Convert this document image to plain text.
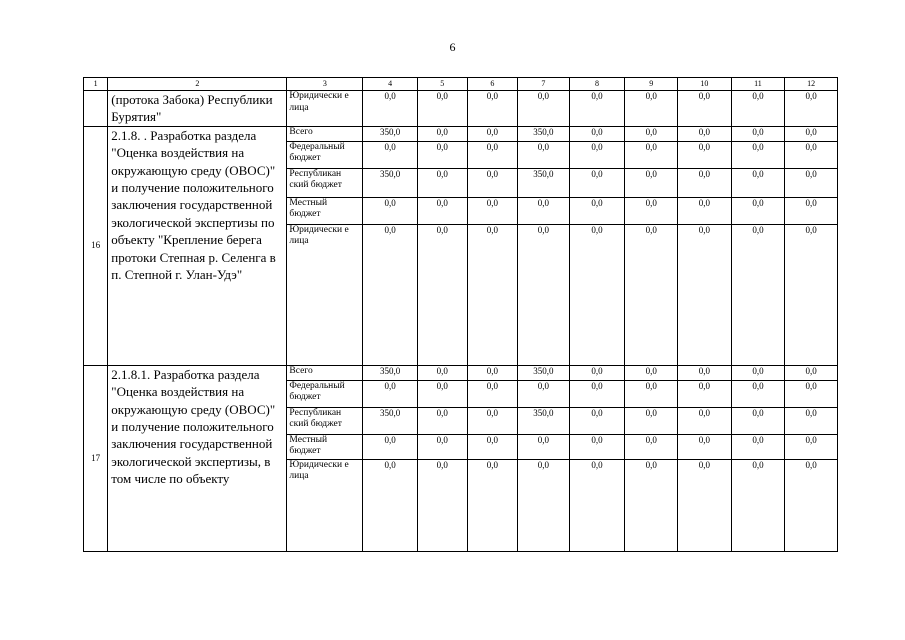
6
1	2	3	4	5	6	7	8	9	10	11	12
	(протока Забока) Республики Бурятия"	Юридически е лица	0,0	0,0	0,0	0,0	0,0	0,0	0,0	0,0	0,0
16	2.1.8. . Разработка раздела "Оценка воздействия на окружающую среду (ОВОС)" и получение положительного заключения государственной экологической экспертизы по объекту "Крепление берега протоки Степная р. Селенга в п. Степной г. Улан-Удэ"	Всего	350,0	0,0	0,0	350,0	0,0	0,0	0,0	0,0	0,0
		Федеральный бюджет	0,0	0,0	0,0	0,0	0,0	0,0	0,0	0,0	0,0
		Республикан ский бюджет	350,0	0,0	0,0	350,0	0,0	0,0	0,0	0,0	0,0
		Местный бюджет	0,0	0,0	0,0	0,0	0,0	0,0	0,0	0,0	0,0
		Юридически е лица	0,0	0,0	0,0	0,0	0,0	0,0	0,0	0,0	0,0
17	2.1.8.1. Разработка раздела "Оценка воздействия на окружающую среду (ОВОС)" и получение положительного заключения государственной экологической экспертизы, в том числе по объекту	Всего	350,0	0,0	0,0	350,0	0,0	0,0	0,0	0,0	0,0
		Федеральный бюджет	0,0	0,0	0,0	0,0	0,0	0,0	0,0	0,0	0,0
		Республикан ский бюджет	350,0	0,0	0,0	350,0	0,0	0,0	0,0	0,0	0,0
		Местный бюджет	0,0	0,0	0,0	0,0	0,0	0,0	0,0	0,0	0,0
		Юридически е лица	0,0	0,0	0,0	0,0	0,0	0,0	0,0	0,0	0,0
